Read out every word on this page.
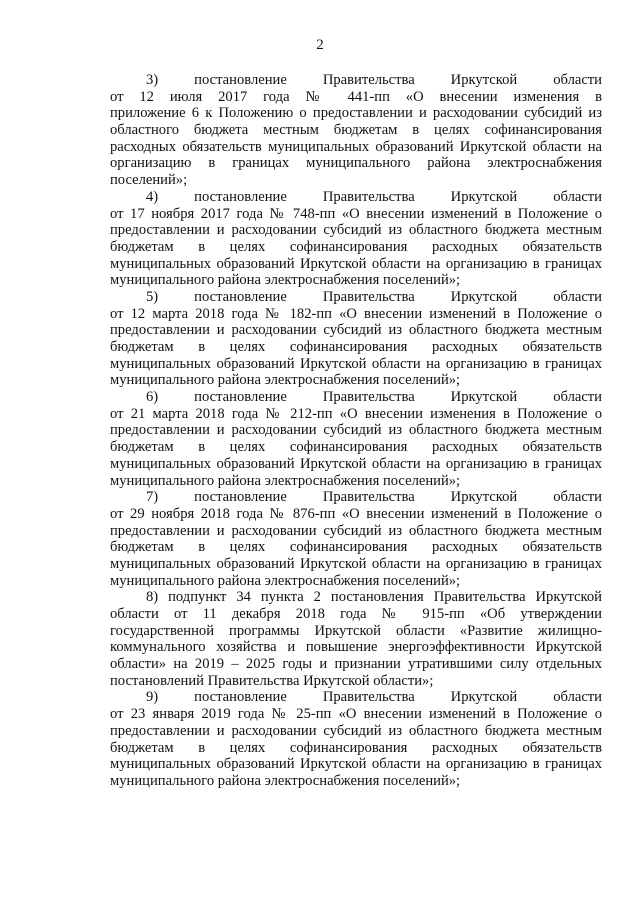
2
3) постановление Правительства Иркутской области
от 12 июля 2017 года № 441-пп «О внесении изменения в
приложение 6 к Положению о предоставлении и расходовании субсидий из
областного бюджета местным бюджетам в целях софинансирования
расходных обязательств муниципальных образований Иркутской области на
организацию в границах муниципального района электроснабжения
поселений»;
4) постановление Правительства Иркутской области
от 17 ноября 2017 года № 748-пп «О внесении изменений в Положение о
предоставлении и расходовании субсидий из областного бюджета местным
бюджетам в целях софинансирования расходных обязательств
муниципальных образований Иркутской области на организацию в границах
муниципального района электроснабжения поселений»;
5) постановление Правительства Иркутской области
от 12 марта 2018 года № 182-пп «О внесении изменений в Положение о
предоставлении и расходовании субсидий из областного бюджета местным
бюджетам в целях софинансирования расходных обязательств
муниципальных образований Иркутской области на организацию в границах
муниципального района электроснабжения поселений»;
6) постановление Правительства Иркутской области
от 21 марта 2018 года № 212-пп «О внесении изменения в Положение о
предоставлении и расходовании субсидий из областного бюджета местным
бюджетам в целях софинансирования расходных обязательств
муниципальных образований Иркутской области на организацию в границах
муниципального района электроснабжения поселений»;
7) постановление Правительства Иркутской области
от 29 ноября 2018 года № 876-пп «О внесении изменений в Положение о
предоставлении и расходовании субсидий из областного бюджета местным
бюджетам в целях софинансирования расходных обязательств
муниципальных образований Иркутской области на организацию в границах
муниципального района электроснабжения поселений»;
8) подпункт 34 пункта 2 постановления Правительства Иркутской
области от 11 декабря 2018 года № 915-пп «Об утверждении
государственной программы Иркутской области «Развитие жилищно-
коммунального хозяйства и повышение энергоэффективности Иркутской
области» на 2019 – 2025 годы и признании утратившими силу отдельных
постановлений Правительства Иркутской области»;
9) постановление Правительства Иркутской области
от 23 января 2019 года № 25-пп «О внесении изменений в Положение о
предоставлении и расходовании субсидий из областного бюджета местным
бюджетам в целях софинансирования расходных обязательств
муниципальных образований Иркутской области на организацию в границах
муниципального района электроснабжения поселений»;
